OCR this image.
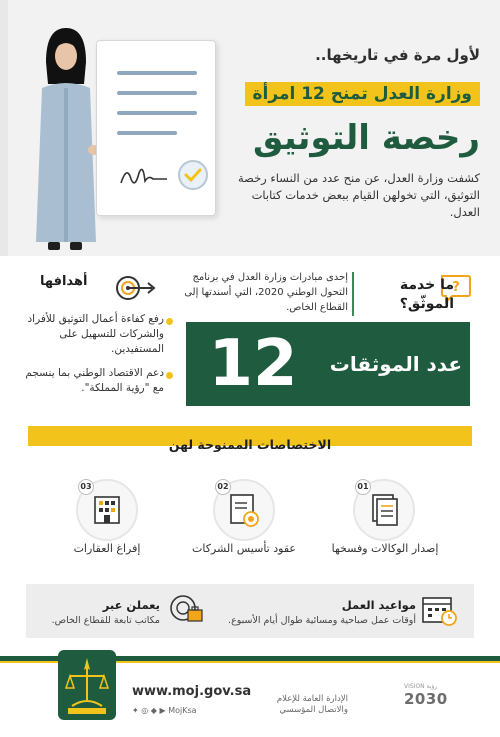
لأول مرة في تاريخها..
وزارة العدل تمنح 12 امرأة
رخصة التوثيق
كشفت وزارة العدل، عن منح عدد من النساء رخصة التوثيق، التي تخولهن القيام ببعض خدمات كتابات العدل.
?
ما خدمة الموثّق؟
إحدى مبادرات وزارة العدل في برنامج التحول الوطني 2020، التي أسندتها إلى القطاع الخاص.
أهدافها
رفع كفاءة أعمال التوثيق للأفراد والشركات للتسهيل على المستفيدين.
دعم الاقتصاد الوطني بما ينسجم مع "رؤية المملكة".
عدد الموثقات
12
الاختصاصات الممنوحة لهن
01
إصدار الوكالات وفسخها
02
عقود تأسيس الشركات
03
إفراغ العقارات
مواعيد العمل
أوقات عمل صباحية ومسائية طوال أيام الأسبوع.
يعملن عبر
مكاتب تابعة للقطاع الخاص.
www.moj.gov.sa
✦ ◎ ◆ ▶ MojKsa
الإدارة العامة للإعلام والاتصال المؤسسي
VISION رؤية
2030
